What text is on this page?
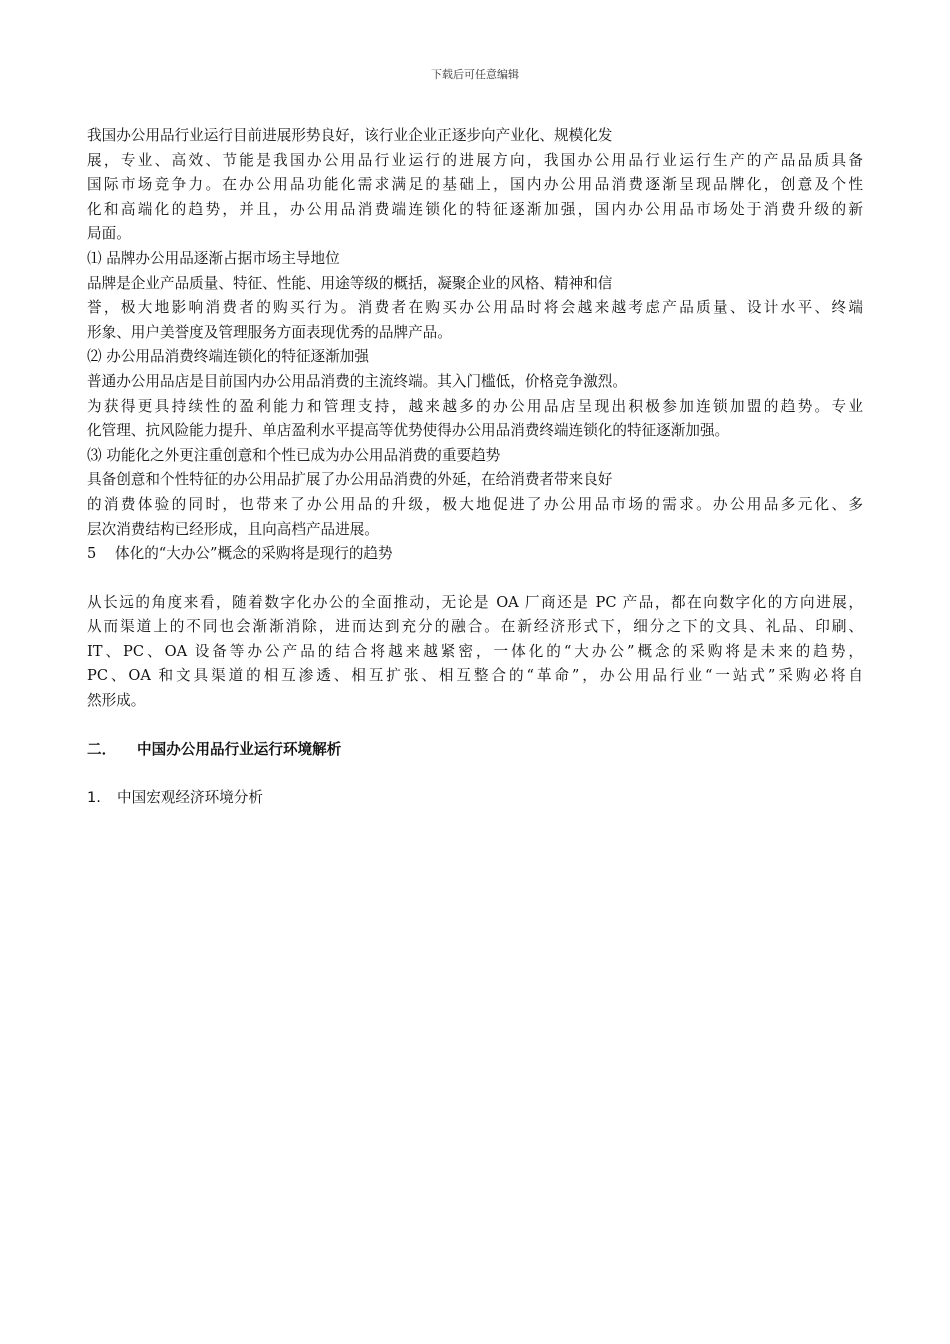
下载后可任意编辑
我国办公用品行业运行目前进展形势良好，该行业企业正逐步向产业化、规模化发
展，专业、高效、节能是我国办公用品行业运行的进展方向，我国办公用品行业运行生产的产品品质具备
国际市场竞争力。在办公用品功能化需求满足的基础上，国内办公用品消费逐渐呈现品牌化，创意及个性
化和高端化的趋势，并且，办公用品消费端连锁化的特征逐渐加强，国内办公用品市场处于消费升级的新
局面。
⑴ 品牌办公用品逐渐占据市场主导地位
品牌是企业产品质量、特征、性能、用途等级的概括，凝聚企业的风格、精神和信
誉，极大地影响消费者的购买行为。消费者在购买办公用品时将会越来越考虑产品质量、设计水平、终端
形象、用户美誉度及管理服务方面表现优秀的品牌产品。
⑵ 办公用品消费终端连锁化的特征逐渐加强
普通办公用品店是目前国内办公用品消费的主流终端。其入门槛低，价格竞争激烈。
为获得更具持续性的盈利能力和管理支持，越来越多的办公用品店呈现出积极参加连锁加盟的趋势。专业
化管理、抗风险能力提升、单店盈利水平提高等优势使得办公用品消费终端连锁化的特征逐渐加强。
⑶ 功能化之外更注重创意和个性已成为办公用品消费的重要趋势
具备创意和个性特征的办公用品扩展了办公用品消费的外延，在给消费者带来良好
的消费体验的同时，也带来了办公用品的升级，极大地促进了办公用品市场的需求。办公用品多元化、多
层次消费结构已经形成，且向高档产品进展。
5 体化的“大办公”概念的采购将是现行的趋势
从长远的角度来看，随着数字化办公的全面推动，无论是 OA 厂商还是 PC 产品，都在向数字化的方向进展，
从而渠道上的不同也会渐渐消除，进而达到充分的融合。在新经济形式下，细分之下的文具、礼品、印刷、
IT、PC、OA 设备等办公产品的结合将越来越紧密，一体化的“大办公”概念的采购将是未来的趋势，
PC、OA 和文具渠道的相互渗透、相互扩张、相互整合的“革命”，办公用品行业“一站式”采购必将自
然形成。
二． 中国办公用品行业运行环境解析
1. 中国宏观经济环境分析
